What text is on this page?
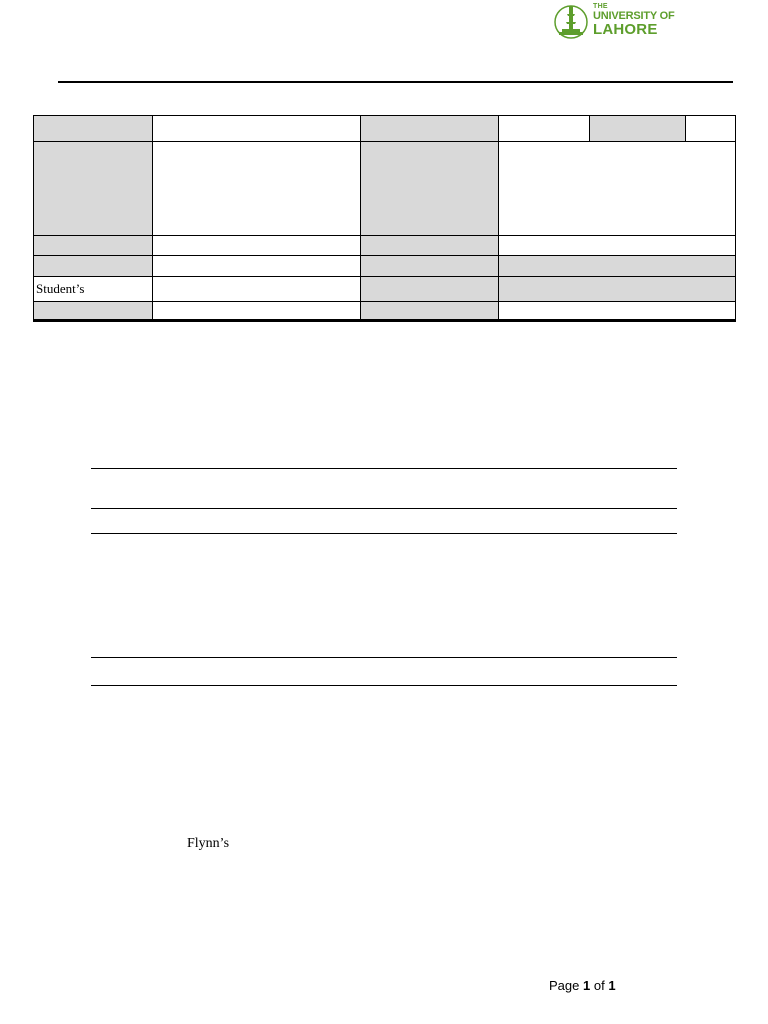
THE
UNIVERSITY OF
LAHORE

Student’s					

Flynn’s
Page 1 of 1
